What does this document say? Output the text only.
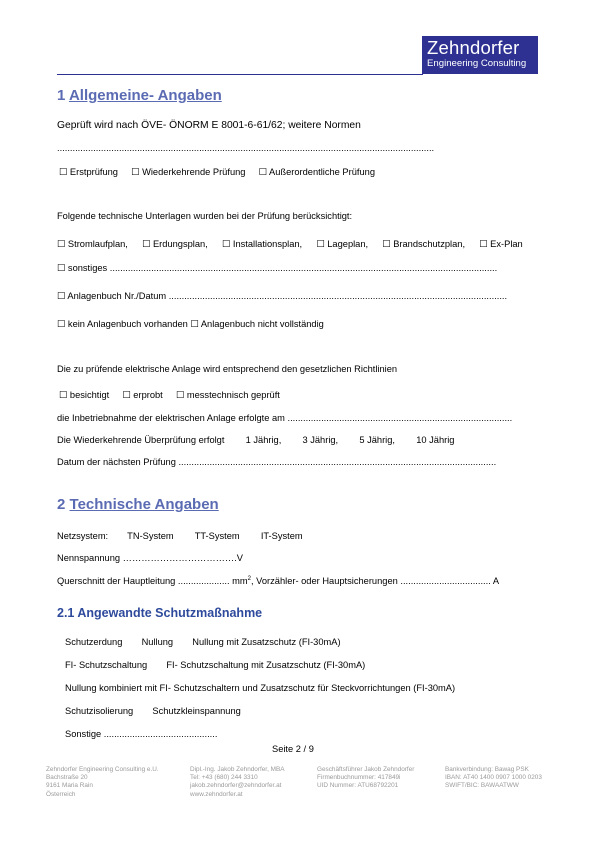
Zehndorfer
Engineering Consulting
1 Allgemeine- Angaben
Geprüft wird nach ÖVE- ÖNORM E 8001-6-61/62; weitere Normen
..................................................................................................................................................
☐ Erstprüfung ☐ Wiederkehrende Prüfung ☐ Außerordentliche Prüfung
Folgende technische Unterlagen wurden bei der Prüfung berücksichtigt:
☐ Stromlaufplan, ☐ Erdungsplan, ☐ Installationsplan, ☐ Lageplan, ☐ Brandschutzplan, ☐ Ex-Plan
☐ sonstiges ......................................................................................................................................................
☐ Anlagenbuch Nr./Datum ...................................................................................................................................
☐ kein Anlagenbuch vorhanden ☐ Anlagenbuch nicht vollständig
Die zu prüfende elektrische Anlage wird entsprechend den gesetzlichen Richtlinien
☐ besichtigt ☐ erprobt ☐ messtechnisch geprüft
die Inbetriebnahme der elektrischen Anlage erfolgte am .......................................................................................
Die Wiederkehrende Überprüfung erfolgt 1 Jährig, 3 Jährig, 5 Jährig, 10 Jährig
Datum der nächsten Prüfung ...........................................................................................................................
2 Technische Angaben
Netzsystem: TN-System TT-System IT-System
Nennspannung ……………………………….V
Querschnitt der Hauptleitung .................... $mm^2$, Vorzähler- oder Hauptsicherungen ................................... A
2.1 Angewandte Schutzmaßnahme
Schutzerdung Nullung Nullung mit Zusatzschutz (FI-30mA)
FI- Schutzschaltung FI- Schutzschaltung mit Zusatzschutz (FI-30mA)
Nullung kombiniert mit FI- Schutzschaltern und Zusatzschutz für Steckvorrichtungen (FI-30mA)
Schutzisolierung Schutzkleinspannung
Sonstige ............................................
Seite 2 / 9
Zehndorfer Engineering Consulting e.U.
Bachstraße 20
9161 Maria Rain
Österreich
Dipl.-Ing. Jakob Zehndorfer, MBA
Tel: +43 (680) 244 3310
jakob.zehndorfer@zehndorfer.at
www.zehndorfer.at
Geschäftsführer Jakob Zehndorfer
Firmenbuchnummer: 417849i
UID Nummer: ATU68792201
Bankverbindung: Bawag PSK
IBAN: AT40 1400 0907 1000 0203
SWIFT/BIC: BAWAATWW
